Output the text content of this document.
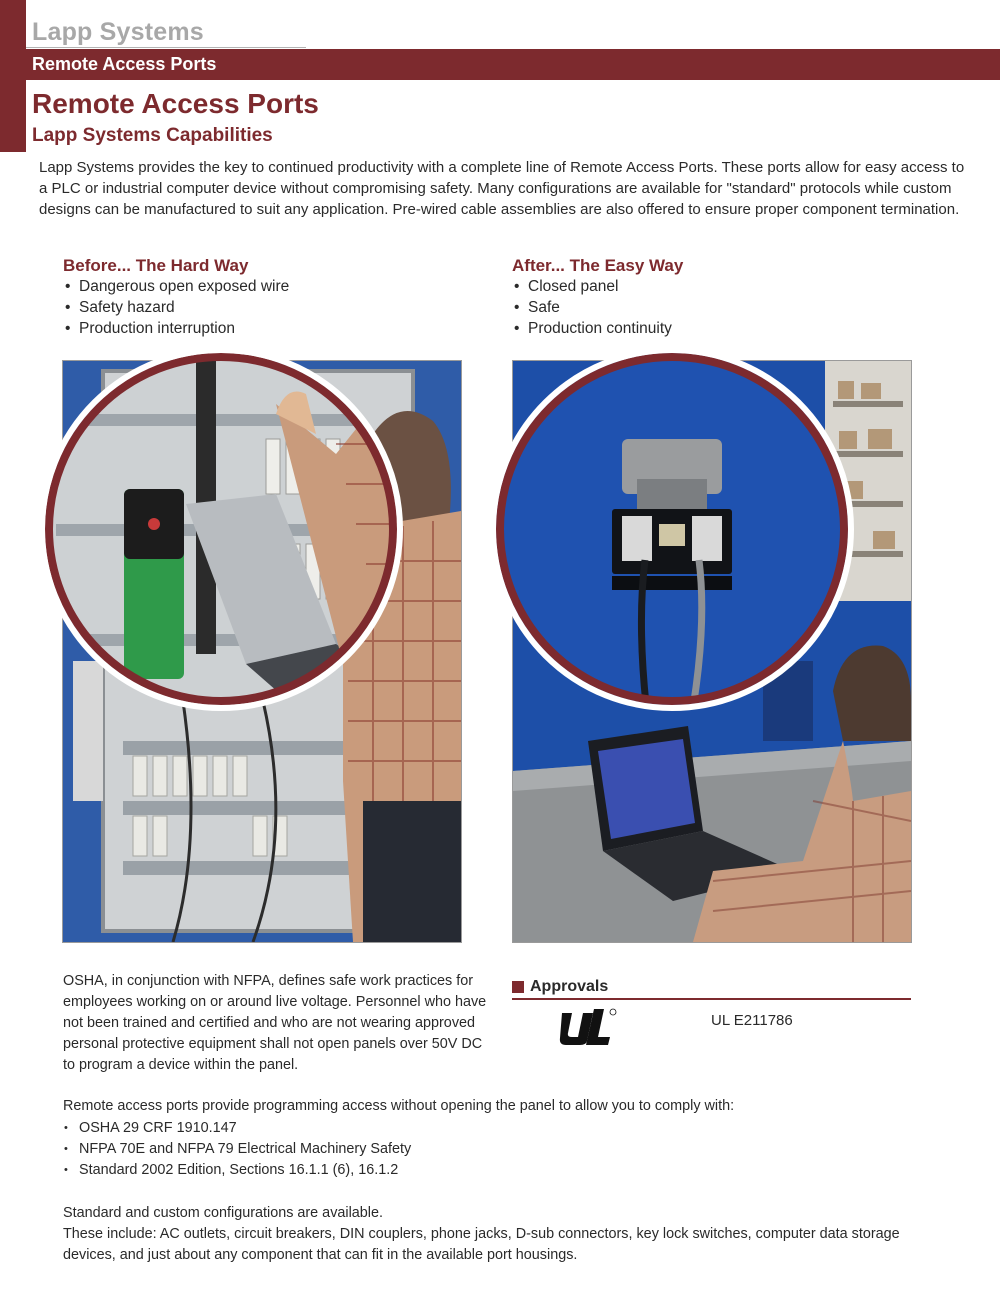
Lapp Systems
Remote Access Ports
Remote Access Ports
Lapp Systems Capabilities
Lapp Systems provides the key to continued productivity with a complete line of Remote Access Ports. These ports allow for easy access to a PLC or industrial computer device without compromising safety. Many configurations are available for "standard" protocols while custom designs can be manufactured to suit any application. Pre-wired cable assemblies are also offered to ensure proper component termination.
Before... The Hard Way
• Dangerous open exposed wire
• Safety hazard
• Production interruption
After... The Easy Way
• Closed panel
• Safe
• Production continuity
OSHA, in conjunction with NFPA, defines safe work practices for employees working on or around live voltage. Personnel who have not been trained and certified and who are not wearing approved personal protective equipment shall not open panels over 50V DC to program a device within the panel.
Approvals
UL E211786
Remote access ports provide programming access without opening the panel to allow you to comply with:
• OSHA 29 CRF 1910.147
• NFPA 70E and NFPA 79 Electrical Machinery Safety
• Standard 2002 Edition, Sections 16.1.1 (6), 16.1.2
Standard and custom configurations are available.
These include: AC outlets, circuit breakers, DIN couplers, phone jacks, D-sub connectors, key lock switches, computer data storage devices, and just about any component that can fit in the available port housings.
